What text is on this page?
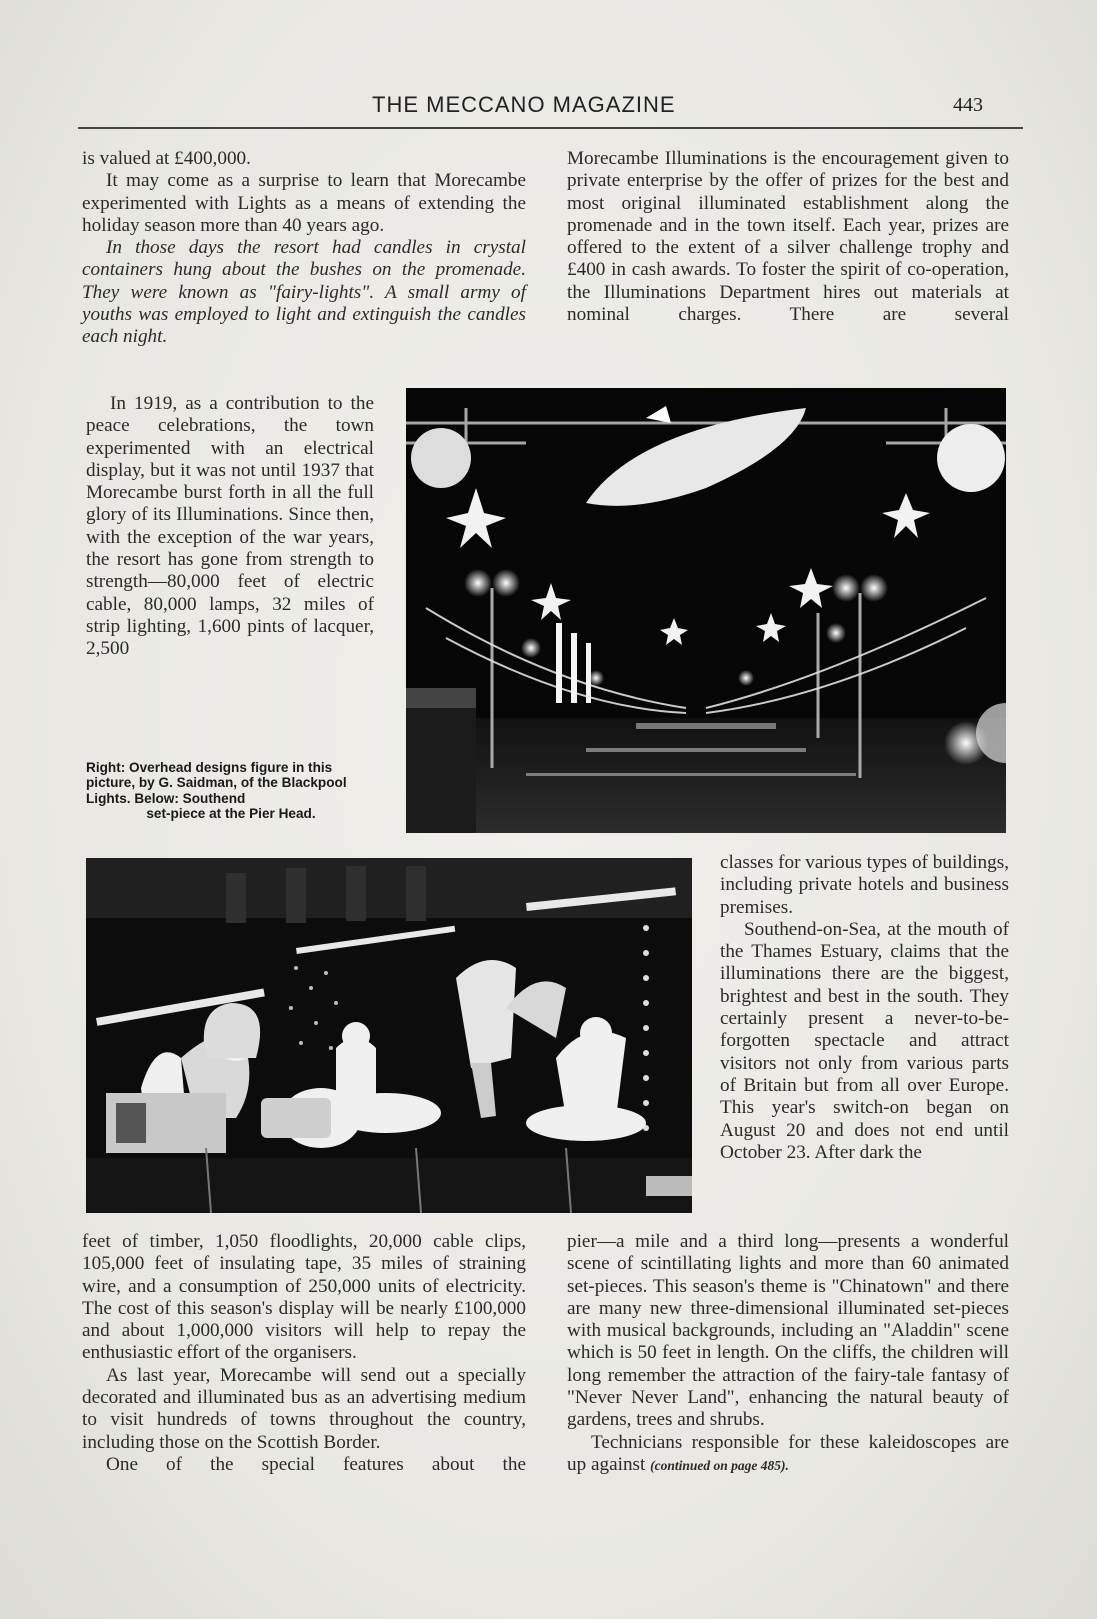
THE MECCANO MAGAZINE	443

is valued at £400,000.

It may come as a surprise to learn that Morecambe experimented with Lights as a means of extending the holiday season more than 40 years ago.

In those days the resort had candles in crystal containers hung about the bushes on the promenade. They were known as "fairy-lights". A small army of youths was employed to light and extinguish the candles each night.

In 1919, as a contribution to the peace celebrations, the town experimented with an electrical display, but it was not until 1937 that Morecambe burst forth in all the full glory of its Illuminations. Since then, with the exception of the war years, the resort has gone from strength to strength—80,000 feet of electric cable, 80,000 lamps, 32 miles of strip lighting, 1,600 pints of lacquer, 2,500

Right: Overhead designs figure in this picture, by G. Saidman, of the Blackpool Lights. Below: Southend
set-piece at the Pier Head.

Morecambe Illuminations is the encouragement given to private enterprise by the offer of prizes for the best and most original illuminated establishment along the promenade and in the town itself. Each year, prizes are offered to the extent of a silver challenge trophy and £400 in cash awards. To foster the spirit of co-operation, the Illuminations Department hires out materials at nominal charges. There are several

classes for various types of buildings, including private hotels and business premises.

Southend-on-Sea, at the mouth of the Thames Estuary, claims that the illuminations there are the biggest, brightest and best in the south. They certainly present a never-to-be-forgotten spectacle and attract visitors not only from various parts of Britain but from all over Europe. This year's switch-on began on August 20 and does not end until October 23. After dark the

feet of timber, 1,050 floodlights, 20,000 cable clips, 105,000 feet of insulating tape, 35 miles of straining wire, and a consumption of 250,000 units of electricity. The cost of this season's display will be nearly £100,000 and about 1,000,000 visitors will help to repay the enthusiastic effort of the organisers.

As last year, Morecambe will send out a specially decorated and illuminated bus as an advertising medium to visit hundreds of towns throughout the country, including those on the Scottish Border.

One of the special features about the

pier—a mile and a third long—presents a wonderful scene of scintillating lights and more than 60 animated set-pieces. This season's theme is "Chinatown" and there are many new three-dimensional illuminated set-pieces with musical backgrounds, including an "Aladdin" scene which is 50 feet in length. On the cliffs, the children will long remember the attraction of the fairy-tale fantasy of "Never Never Land", enhancing the natural beauty of gardens, trees and shrubs.

Technicians responsible for these kaleidoscopes are up against (continued on page 485).
